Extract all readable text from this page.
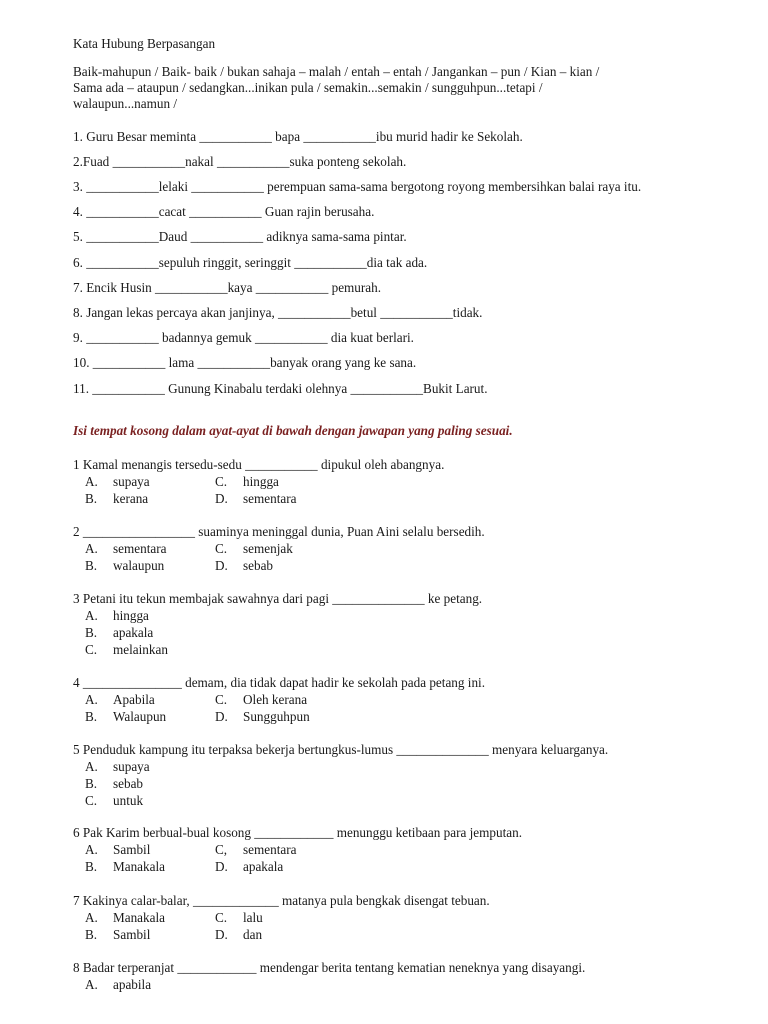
Kata Hubung Berpasangan
Baik-mahupun / Baik- baik / bukan sahaja – malah / entah – entah / Jangankan – pun / Kian – kian /
Sama ada – ataupun / sedangkan...inikan pula / semakin...semakin / sungguhpun...tetapi /
walaupun...namun /
1. Guru Besar meminta ___________ bapa ___________ibu murid hadir ke Sekolah.
2.Fuad ___________nakal ___________suka ponteng sekolah.
3. ___________lelaki ___________ perempuan sama-sama bergotong royong membersihkan balai raya itu.
4. ___________cacat ___________ Guan rajin berusaha.
5. ___________Daud ___________ adiknya sama-sama pintar.
6. ___________sepuluh ringgit, seringgit ___________dia tak ada.
7. Encik Husin ___________kaya ___________ pemurah.
8. Jangan lekas percaya akan janjinya, ___________betul ___________tidak.
9. ___________ badannya gemuk ___________ dia kuat berlari.
10. ___________ lama ___________banyak orang yang ke sana.
11. ___________ Gunung Kinabalu terdaki olehnya ___________Bukit Larut.
Isi tempat kosong dalam ayat-ayat di bawah dengan jawapan yang paling sesuai.
1 Kamal menangis tersedu-sedu ___________ dipukul oleh abangnya.
A. supaya	C. hingga
B. kerana	D. sementara
2 _________________ suaminya meninggal dunia, Puan Aini selalu bersedih.
A. sementara	C. semenjak
B. walaupun	D. sebab
3 Petani itu tekun membajak sawahnya dari pagi ______________ ke petang.
A. hingga
B. apakala
C. melainkan
4 _______________ demam, dia tidak dapat hadir ke sekolah pada petang ini.
A. Apabila	C. Oleh kerana
B. Walaupun	D. Sungguhpun
5 Penduduk kampung itu terpaksa bekerja bertungkus-lumus ______________ menyara keluarganya.
A. supaya
B. sebab
C. untuk
6 Pak Karim berbual-bual kosong ____________ menunggu ketibaan para jemputan.
A. Sambil	C, sementara
B. Manakala	D. apakala
7 Kakinya calar-balar, _____________ matanya pula bengkak disengat tebuan.
A. Manakala	C. lalu
B. Sambil	D. dan
8 Badar terperanjat ____________ mendengar berita tentang kematian neneknya yang disayangi.
A. apabila
